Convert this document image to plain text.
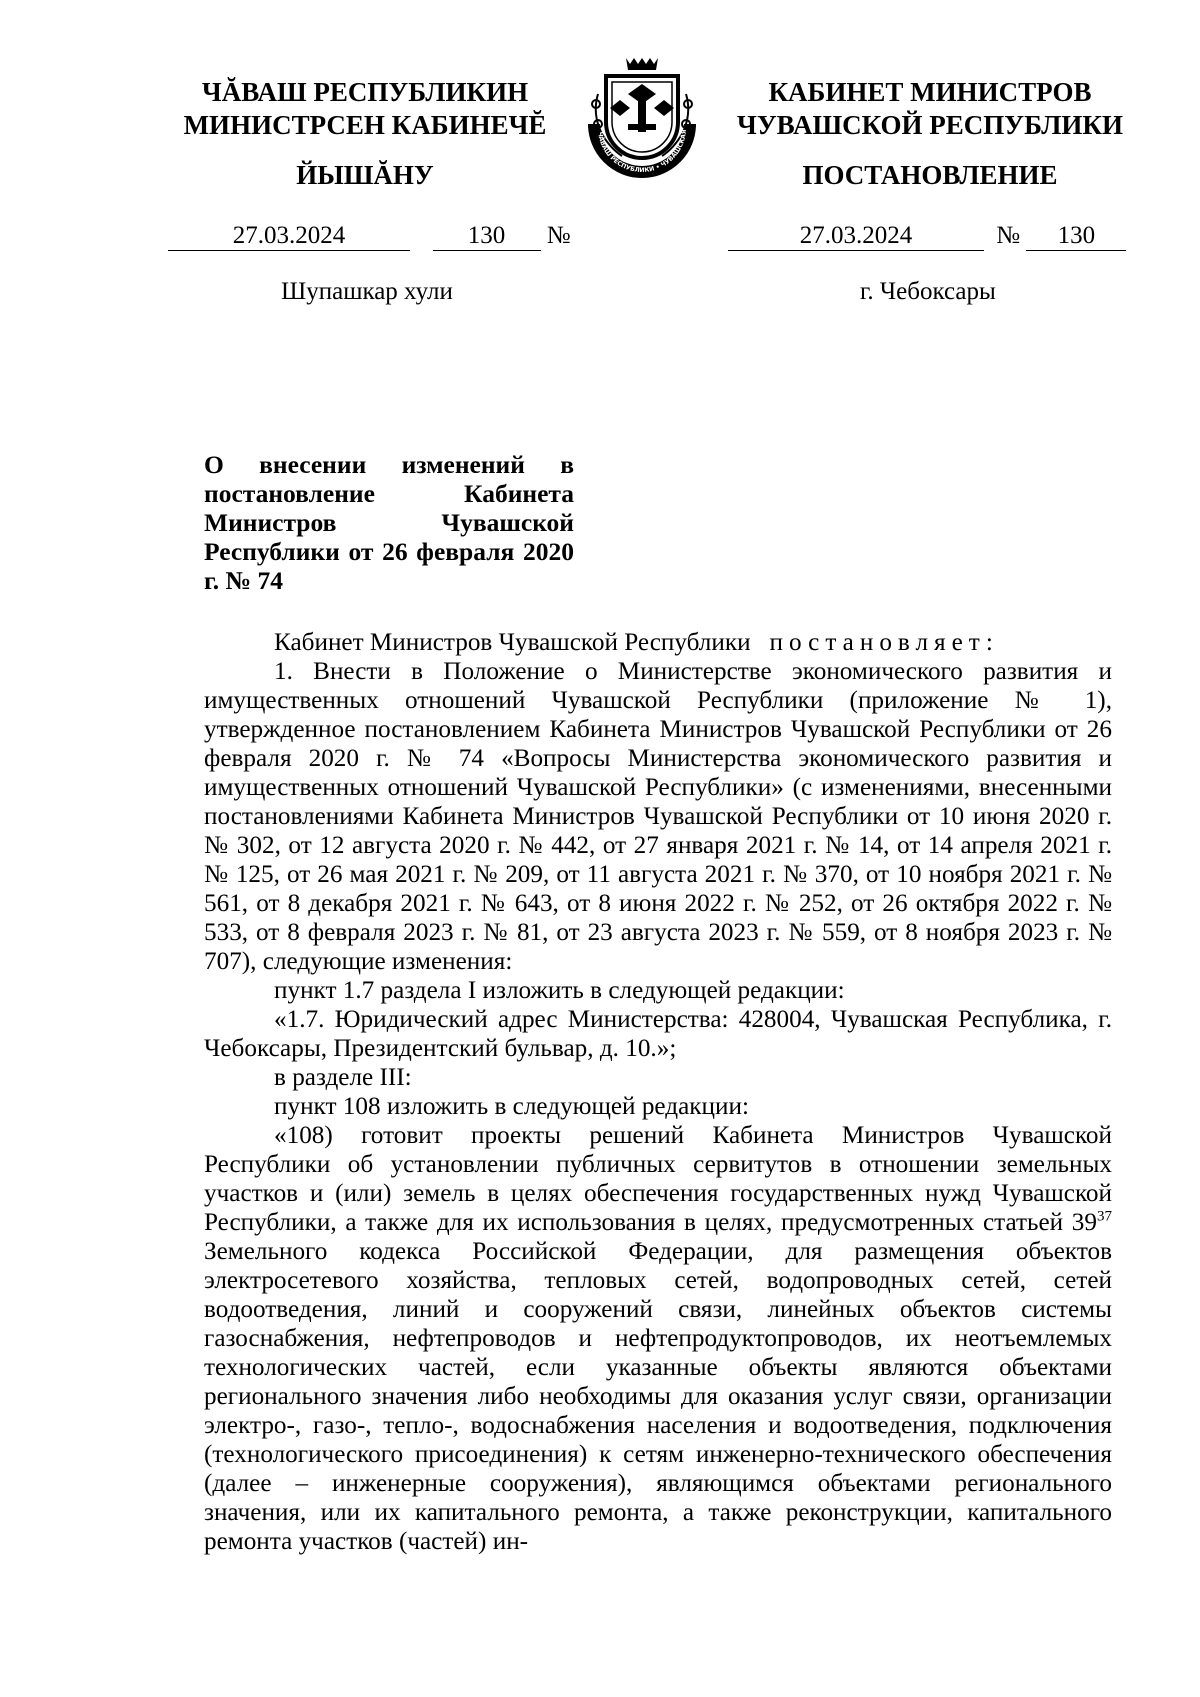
ЧĂВАШ РЕСПУБЛИКИН
МИНИСТРСЕН КАБИНЕЧĔ
ЙЫШĂНУ
ЧĂВАШ РЕСПУБЛИКИ • ЧУВАШСКАЯ
КАБИНЕТ МИНИСТРОВ
ЧУВАШСКОЙ РЕСПУБЛИКИ
ПОСТАНОВЛЕНИЕ
27.03.2024	130 №	27.03.2024	№ 130
Шупашкар хули	г. Чебоксары
О внесении изменений в постановление Кабинета Министров Чувашской Республики от 26 февраля 2020 г. № 74

Кабинет Министров Чувашской Республики постановляет:

1. Внести в Положение о Министерстве экономического развития и имущественных отношений Чувашской Республики (приложение № 1), утвержденное постановлением Кабинета Министров Чувашской Республики от 26 февраля 2020 г. № 74 «Вопросы Министерства экономического развития и имущественных отношений Чувашской Республики» (с изменениями, внесенными постановлениями Кабинета Министров Чувашской Республики от 10 июня 2020 г. № 302, от 12 августа 2020 г. № 442, от 27 января 2021 г. № 14, от 14 апреля 2021 г. № 125, от 26 мая 2021 г. № 209, от 11 августа 2021 г. № 370, от 10 ноября 2021 г. № 561, от 8 декабря 2021 г. № 643, от 8 июня 2022 г. № 252, от 26 октября 2022 г. № 533, от 8 февраля 2023 г. № 81, от 23 августа 2023 г. № 559, от 8 ноября 2023 г. № 707), следующие изменения:

пункт 1.7 раздела I изложить в следующей редакции:

«1.7. Юридический адрес Министерства: 428004, Чувашская Республика, г. Чебоксары, Президентский бульвар, д. 10.»;

в разделе III:

пункт 108 изложить в следующей редакции:

«108) готовит проекты решений Кабинета Министров Чувашской Республики об установлении публичных сервитутов в отношении земельных участков и (или) земель в целях обеспечения государственных нужд Чувашской Республики, а также для их использования в целях, предусмотренных статьей $39^{37}$ Земельного кодекса Российской Федерации, для размещения объектов электросетевого хозяйства, тепловых сетей, водопроводных сетей, сетей водоотведения, линий и сооружений связи, линейных объектов системы газоснабжения, нефтепроводов и нефтепродуктопроводов, их неотъемлемых технологических частей, если указанные объекты являются объектами регионального значения либо необходимы для оказания услуг связи, организации электро-, газо-, тепло-, водоснабжения населения и водоотведения, подключения (технологического присоединения) к сетям инженерно-технического обеспечения (далее – инженерные сооружения), являющимся объектами регионального значения, или их капитального ремонта, а также реконструкции, капитального ремонта участков (частей) ин-
